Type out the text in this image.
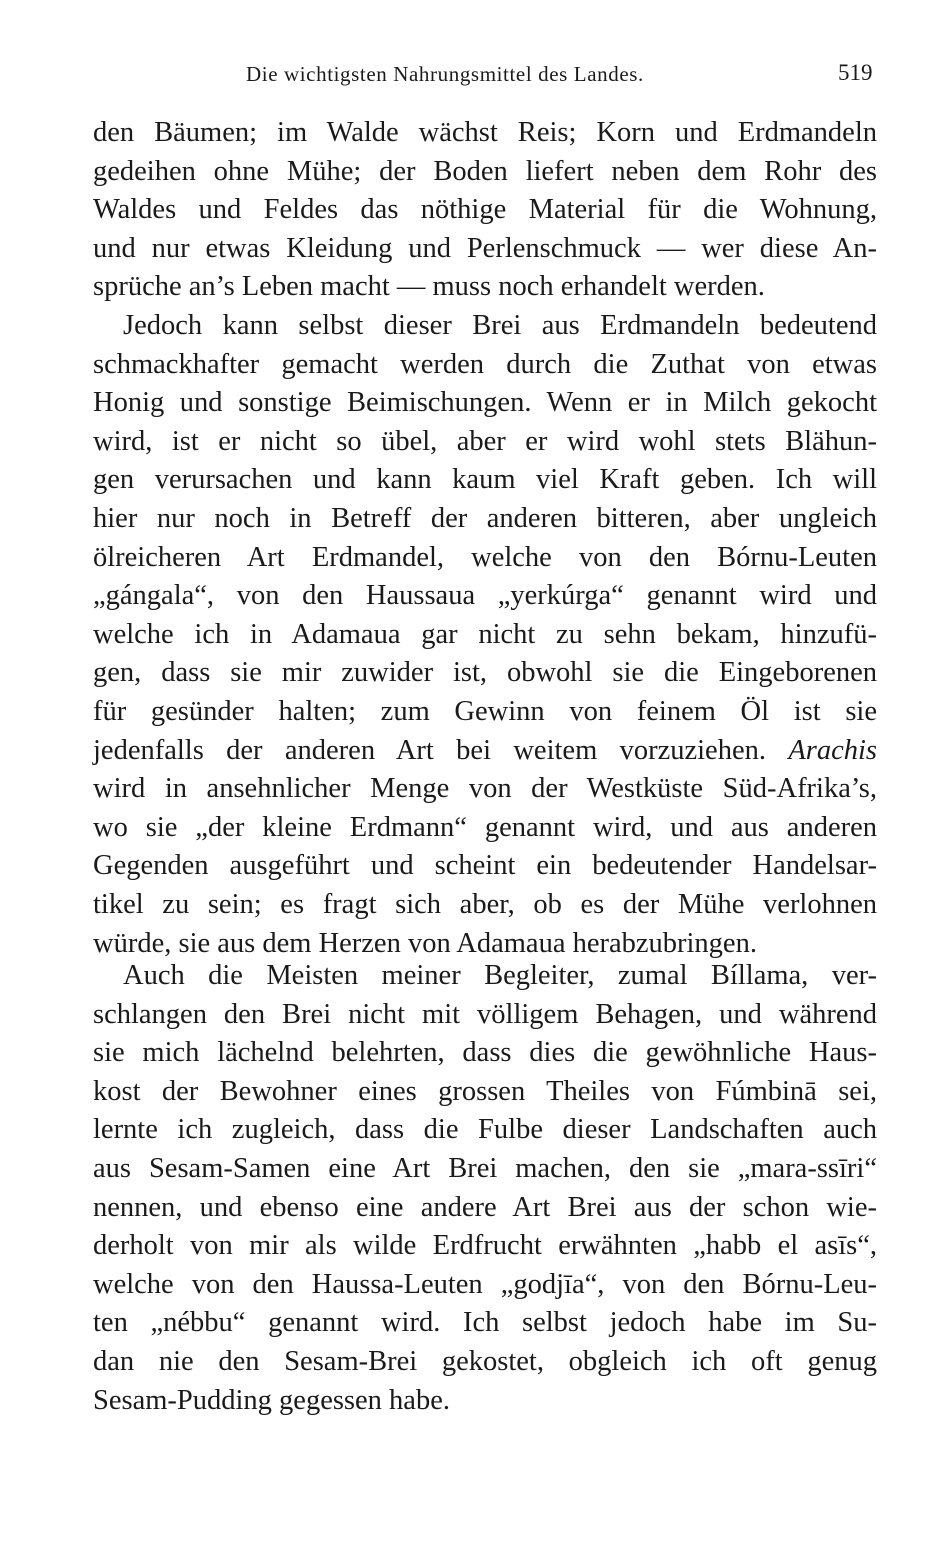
Die wichtigsten Nahrungsmittel des Landes.	519
den Bäumen; im Walde wächst Reis; Korn und Erdmandeln
gedeihen ohne Mühe; der Boden liefert neben dem Rohr des
Waldes und Feldes das nöthige Material für die Wohnung,
und nur etwas Kleidung und Perlenschmuck — wer diese An-
sprüche an’s Leben macht — muss noch erhandelt werden.
Jedoch kann selbst dieser Brei aus Erdmandeln bedeutend
schmackhafter gemacht werden durch die Zuthat von etwas
Honig und sonstige Beimischungen. Wenn er in Milch gekocht
wird, ist er nicht so übel, aber er wird wohl stets Blähun-
gen verursachen und kann kaum viel Kraft geben. Ich will
hier nur noch in Betreff der anderen bitteren, aber ungleich
ölreicheren Art Erdmandel, welche von den Bórnu-Leuten
„gángala“, von den Haussaua „yerkúrga“ genannt wird und
welche ich in Adamaua gar nicht zu sehn bekam, hinzufü-
gen, dass sie mir zuwider ist, obwohl sie die Eingeborenen
für gesünder halten; zum Gewinn von feinem Öl ist sie
jedenfalls der anderen Art bei weitem vorzuziehen. Arachis
wird in ansehnlicher Menge von der Westküste Süd-Afrika’s,
wo sie „der kleine Erdmann“ genannt wird, und aus anderen
Gegenden ausgeführt und scheint ein bedeutender Handelsar-
tikel zu sein; es fragt sich aber, ob es der Mühe verlohnen
würde, sie aus dem Herzen von Adamaua herabzubringen.
Auch die Meisten meiner Begleiter, zumal Bíllama, ver-
schlangen den Brei nicht mit völligem Behagen, und während
sie mich lächelnd belehrten, dass dies die gewöhnliche Haus-
kost der Bewohner eines grossen Theiles von Fúmbinā sei,
lernte ich zugleich, dass die Fulbe dieser Landschaften auch
aus Sesam-Samen eine Art Brei machen, den sie „mara-ssīri“
nennen, und ebenso eine andere Art Brei aus der schon wie-
derholt von mir als wilde Erdfrucht erwähnten „habb el asīs“,
welche von den Haussa-Leuten „godjīa“, von den Bórnu-Leu-
ten „nébbu“ genannt wird. Ich selbst jedoch habe im Su-
dan nie den Sesam-Brei gekostet, obgleich ich oft genug
Sesam-Pudding gegessen habe.
